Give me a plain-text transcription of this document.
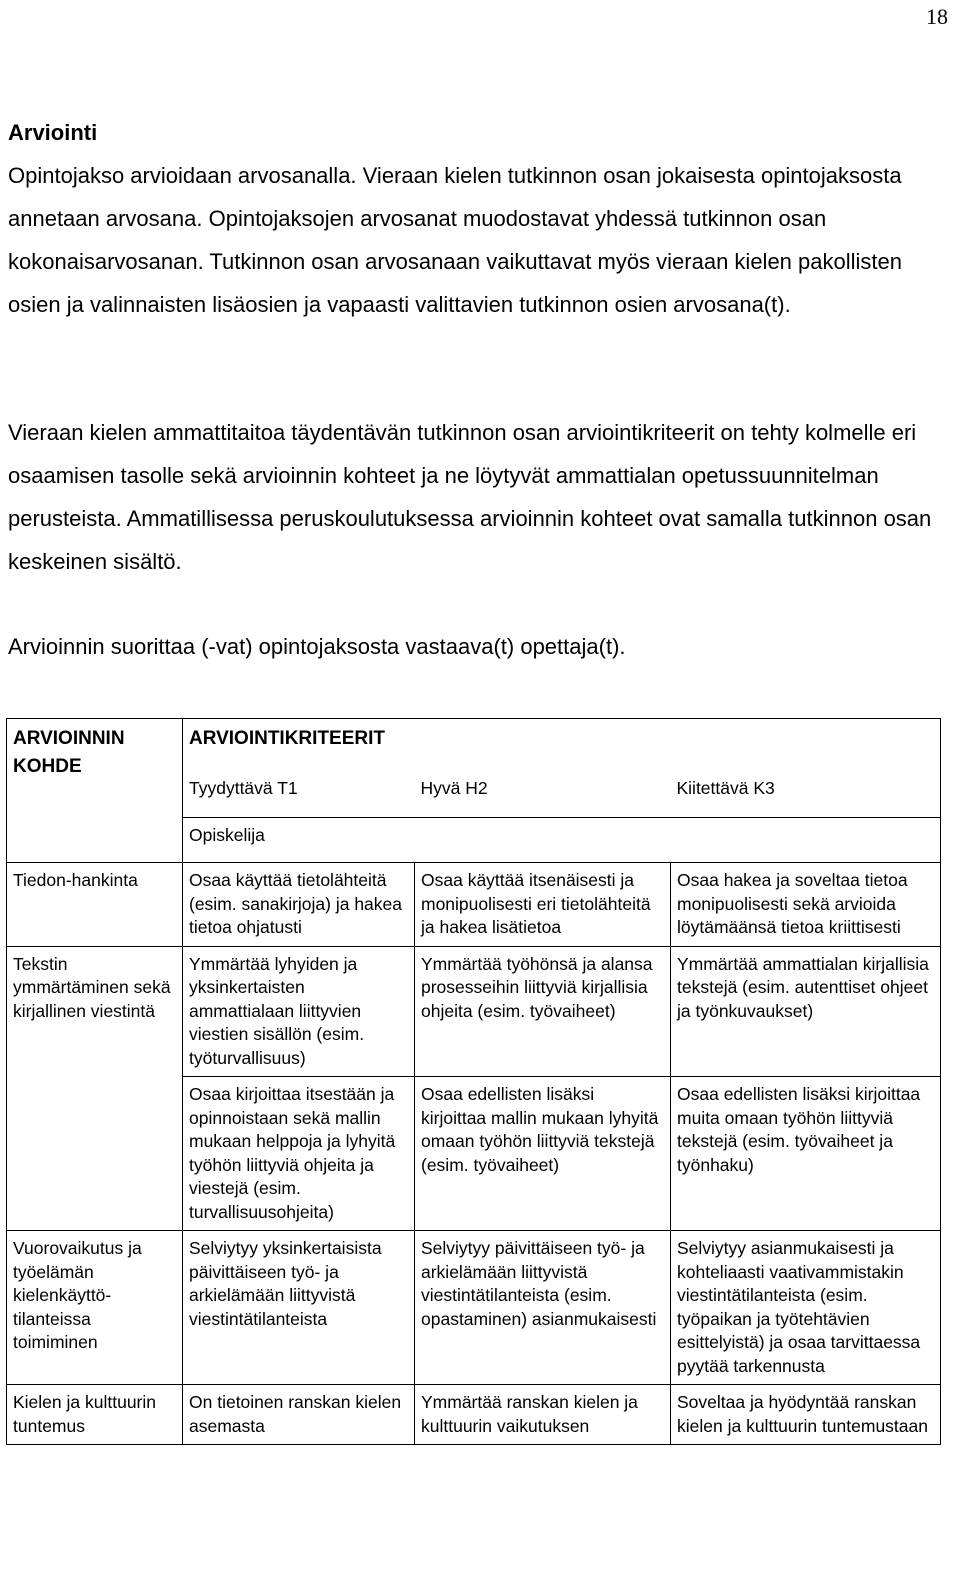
18
Arviointi

Opintojakso arvioidaan arvosanalla. Vieraan kielen tutkinnon osan jokaisesta opintojaksosta annetaan arvosana. Opintojaksojen arvosanat muodostavat yhdessä tutkinnon osan kokonaisarvosanan. Tutkinnon osan arvosanaan vaikuttavat myös vieraan kielen pakollisten osien ja valinnaisten lisäosien ja vapaasti valittavien tutkinnon osien arvosana(t).

Vieraan kielen ammattitaitoa täydentävän tutkinnon osan arviointikriteerit on tehty kolmelle eri osaamisen tasolle sekä arvioinnin kohteet ja ne löytyvät ammattialan opetussuunnitelman perusteista. Ammatillisessa peruskoulutuksessa arvioinnin kohteet ovat samalla tutkinnon osan keskeinen sisältö.

Arvioinnin suorittaa (-vat) opintojaksosta vastaava(t) opettaja(t).

ARVIOINNIN KOHDE	ARVIOINTIKRITEERIT		
	Tyydyttävä T1	Hyvä H2	Kiitettävä K3
	Opiskelija		
Tiedon-hankinta	Osaa käyttää tietolähteitä (esim. sanakirjoja) ja hakea tietoa ohjatusti	Osaa käyttää itsenäisesti ja monipuolisesti eri tietolähteitä ja hakea lisätietoa	Osaa hakea ja soveltaa tietoa monipuolisesti sekä arvioida löytämäänsä tietoa kriittisesti
Tekstin ymmärtäminen sekä kirjallinen viestintä	Ymmärtää lyhyiden ja yksinkertaisten ammattialaan liittyvien viestien sisällön (esim. työturvallisuus)	Ymmärtää työhönsä ja alansa prosesseihin liittyviä kirjallisia ohjeita (esim. työvaiheet)	Ymmärtää ammattialan kirjallisia tekstejä (esim. autenttiset ohjeet ja työnkuvaukset)
	Osaa kirjoittaa itsestään ja opinnoistaan sekä mallin mukaan helppoja ja lyhyitä työhön liittyviä ohjeita ja viestejä (esim. turvallisuusohjeita)	Osaa edellisten lisäksi kirjoittaa mallin mukaan lyhyitä omaan työhön liittyviä tekstejä (esim. työvaiheet)	Osaa edellisten lisäksi kirjoittaa muita omaan työhön liittyviä tekstejä (esim. työvaiheet ja työnhaku)
Vuorovaikutus ja työelämän kielenkäyttö-tilanteissa toimiminen	Selviytyy yksinkertaisista päivittäiseen työ- ja arkielämään liittyvistä viestintätilanteista	Selviytyy päivittäiseen työ- ja arkielämään liittyvistä viestintätilanteista (esim. opastaminen) asianmukaisesti	Selviytyy asianmukaisesti ja kohteliaasti vaativammistakin viestintätilanteista (esim. työpaikan ja työtehtävien esittelyistä) ja osaa tarvittaessa pyytää tarkennusta
Kielen ja kulttuurin tuntemus	On tietoinen ranskan kielen asemasta	Ymmärtää ranskan kielen ja kulttuurin vaikutuksen	Soveltaa ja hyödyntää ranskan kielen ja kulttuurin tuntemustaan
